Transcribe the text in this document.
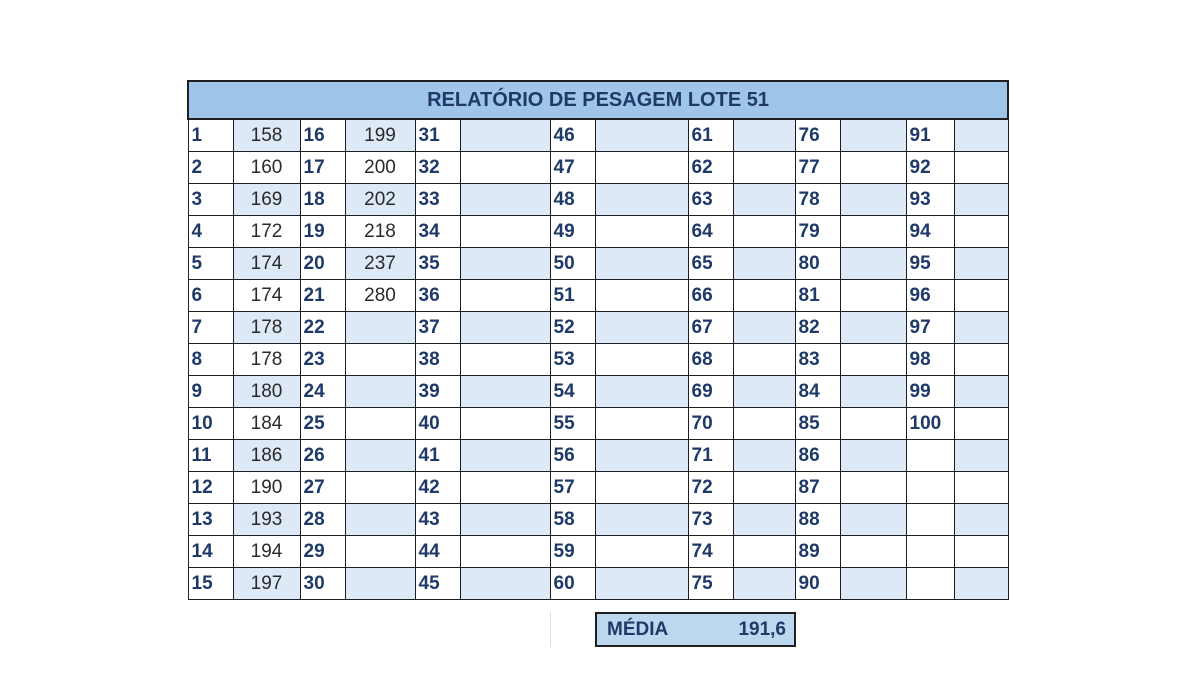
RELATÓRIO DE PESAGEM LOTE 51													
1	158	16	199	31		46		61		76		91	
2	160	17	200	32		47		62		77		92	
3	169	18	202	33		48		63		78		93	
4	172	19	218	34		49		64		79		94	
5	174	20	237	35		50		65		80		95	
6	174	21	280	36		51		66		81		96	
7	178	22		37		52		67		82		97	
8	178	23		38		53		68		83		98	
9	180	24		39		54		69		84		99	
10	184	25		40		55		70		85		100	
11	186	26		41		56		71		86			
12	190	27		42		57		72		87			
13	193	28		43		58		73		88			
14	194	29		44		59		74		89			
15	197	30		45		60		75		90			
MÉDIA	191,6
